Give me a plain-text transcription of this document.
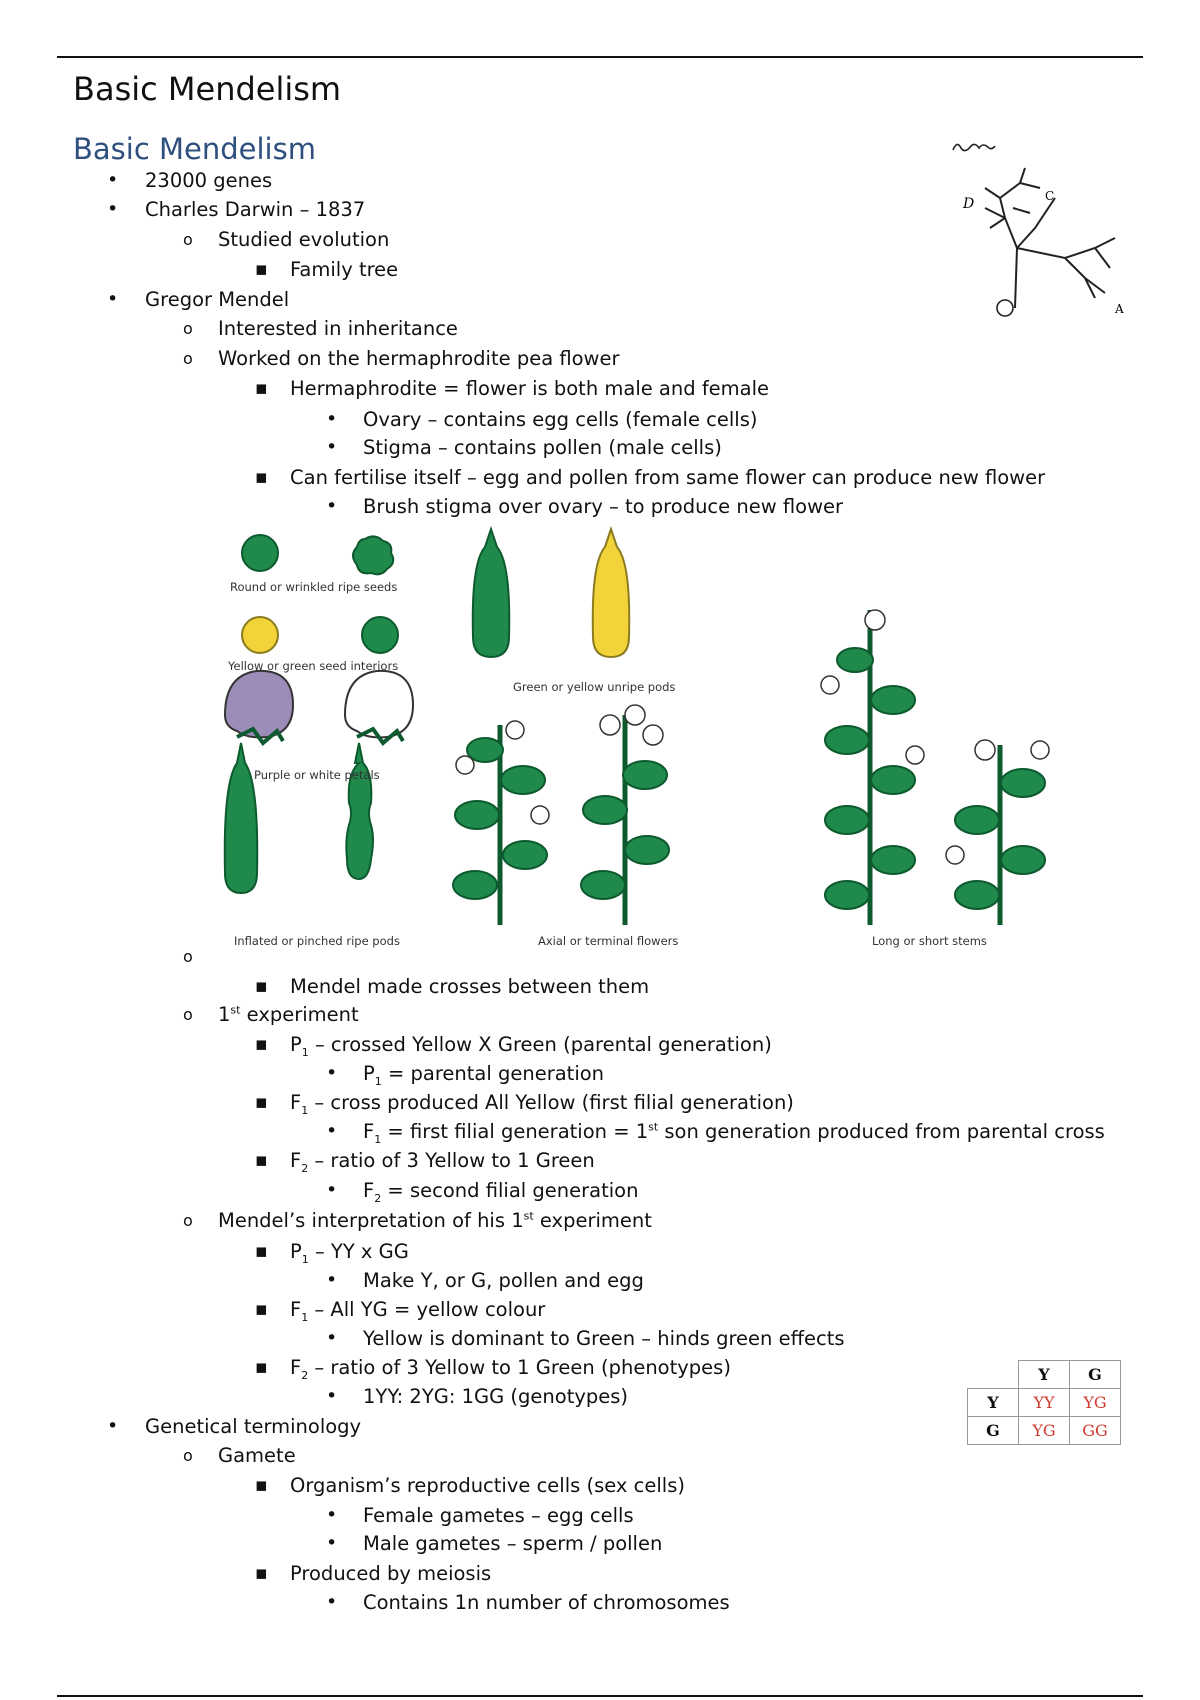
Basic Mendelism
Basic Mendelism
D	C
A
•
23000 genes
•
Charles Darwin – 1837
o
Studied evolution
▪
Family tree
•
Gregor Mendel
o
Interested in inheritance
o
Worked on the hermaphrodite pea flower
▪
Hermaphrodite = flower is both male and female
•
Ovary – contains egg cells (female cells)
•
Stigma – contains pollen (male cells)
▪
Can fertilise itself – egg and pollen from same flower can produce new flower
•
Brush stigma over ovary – to produce new flower
Round or wrinkled ripe seeds
Yellow or green seed interiors
Purple or white petals
Inflated or pinched ripe pods
Green or yellow unripe pods
Axial or terminal flowers	Long or short stems
o
▪
Mendel made crosses between them
o
1st experiment
▪
$P_1$ – crossed Yellow X Green (parental generation)
•
$P_1$ = parental generation
▪
$F_1$ – cross produced All Yellow (first filial generation)
•
$F_1$ = first filial generation = 1st son generation produced from parental cross
▪
$F_2$ – ratio of 3 Yellow to 1 Green
•
$F_2$ = second filial generation
o
Mendel’s interpretation of his 1st experiment
▪
$P_1$ – YY x GG
•
Make Y, or G, pollen and egg
▪
$F_1$ – All YG = yellow colour
•
Yellow is dominant to Green – hinds green effects
▪
$F_2$ – ratio of 3 Yellow to 1 Green (phenotypes)
•
1YY: 2YG: 1GG (genotypes)
	Y	G
Y	YY	YG
G	YG	GG
•
Genetical terminology
o
Gamete
▪
Organism’s reproductive cells (sex cells)
•
Female gametes – egg cells
•
Male gametes – sperm / pollen
▪
Produced by meiosis
•
Contains 1n number of chromosomes
